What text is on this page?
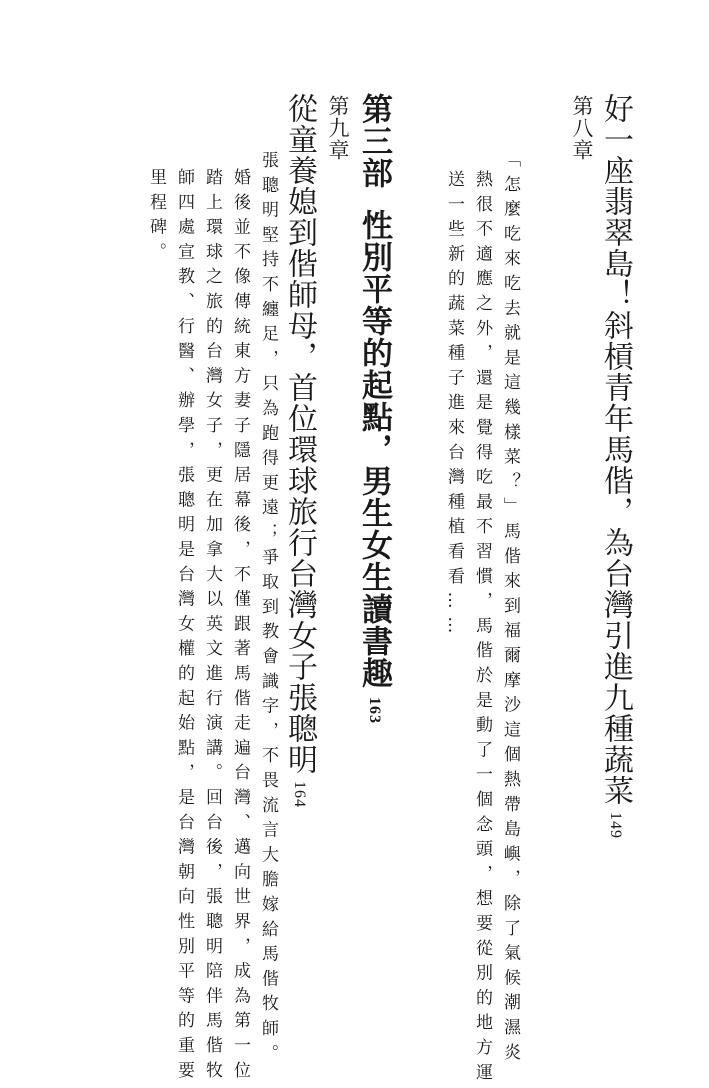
第八章 好一座翡翠島！斜槓青年馬偕，為台灣引進九種蔬菜149
「怎麼吃來吃去就是這幾樣菜？」馬偕來到福爾摩沙這個熱帶島嶼，除了氣候潮濕炎
熱很不適應之外，還是覺得吃最不習慣，馬偕於是動了一個念頭，想要從別的地方運
送一些新的蔬菜種子進來台灣種植看看……
第三部性別平等的起點，男生女生讀書趣163
第九章
從童養媳到偕師母，首位環球旅行台灣女子張聰明164
張聰明堅持不纏足，只為跑得更遠；爭取到教會識字，不畏流言大膽嫁給馬偕牧師。
婚後並不像傳統東方妻子隱居幕後，不僅跟著馬偕走遍台灣、邁向世界，成為第一位
踏上環球之旅的台灣女子，更在加拿大以英文進行演講。回台後，張聰明陪伴馬偕牧
師四處宣教、行醫、辦學，張聰明是台灣女權的起始點，是台灣朝向性別平等的重要
里程碑。
